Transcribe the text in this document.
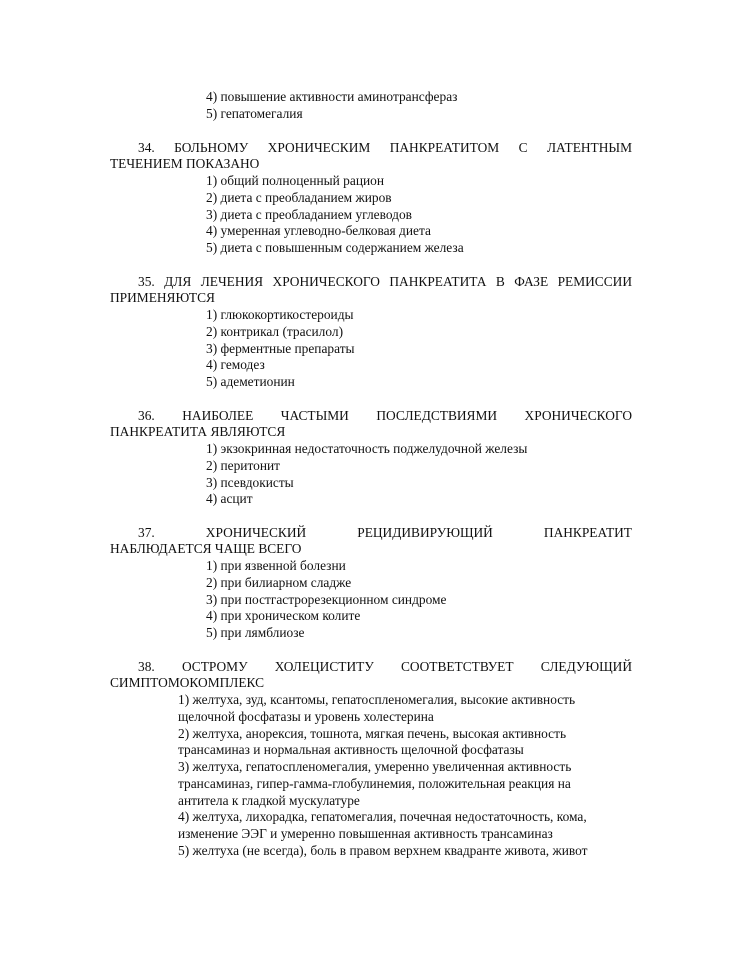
4) повышение активности аминотрансфераз
5) гепатомегалия
34. БОЛЬНОМУ ХРОНИЧЕСКИМ ПАНКРЕАТИТОМ С ЛАТЕНТНЫМ
ТЕЧЕНИЕМ ПОКАЗАНО
1) общий полноценный рацион
2) диета с преобладанием жиров
3) диета с преобладанием углеводов
4) умеренная углеводно-белковая диета
5) диета с повышенным содержанием железа
35. ДЛЯ ЛЕЧЕНИЯ ХРОНИЧЕСКОГО ПАНКРЕАТИТА В ФАЗЕ РЕМИССИИ
ПРИМЕНЯЮТСЯ
1) глюкокортикостероиды
2) контрикал (трасилол)
3) ферментные препараты
4) гемодез
5) адеметионин
36. НАИБОЛЕЕ ЧАСТЫМИ ПОСЛЕДСТВИЯМИ ХРОНИЧЕСКОГО
ПАНКРЕАТИТА ЯВЛЯЮТСЯ
1) экзокринная недостаточность поджелудочной железы
2) перитонит
3) псевдокисты
4) асцит
37. ХРОНИЧЕСКИЙ РЕЦИДИВИРУЮЩИЙ ПАНКРЕАТИТ
НАБЛЮДАЕТСЯ ЧАЩЕ ВСЕГО
1) при язвенной болезни
2) при билиарном сладже
3) при постгастрорезекционном синдроме
4) при хроническом колите
5) при лямблиозе
38. ОСТРОМУ ХОЛЕЦИСТИТУ СООТВЕТСТВУЕТ СЛЕДУЮЩИЙ
СИМПТОМОКОМПЛЕКС
1) желтуха, зуд, ксантомы, гепатоспленомегалия, высокие активность
щелочной фосфатазы и уровень холестерина
2) желтуха, анорексия, тошнота, мягкая печень, высокая активность
трансаминаз и нормальная активность щелочной фосфатазы
3) желтуха, гепатоспленомегалия, умеренно увеличенная активность
трансаминаз, гипер-гамма-глобулинемия, положительная реакция на
антитела к гладкой мускулатуре
4) желтуха, лихорадка, гепатомегалия, почечная недостаточность, кома,
изменение ЭЭГ и умеренно повышенная активность трансаминаз
5) желтуха (не всегда), боль в правом верхнем квадранте живота, живот
